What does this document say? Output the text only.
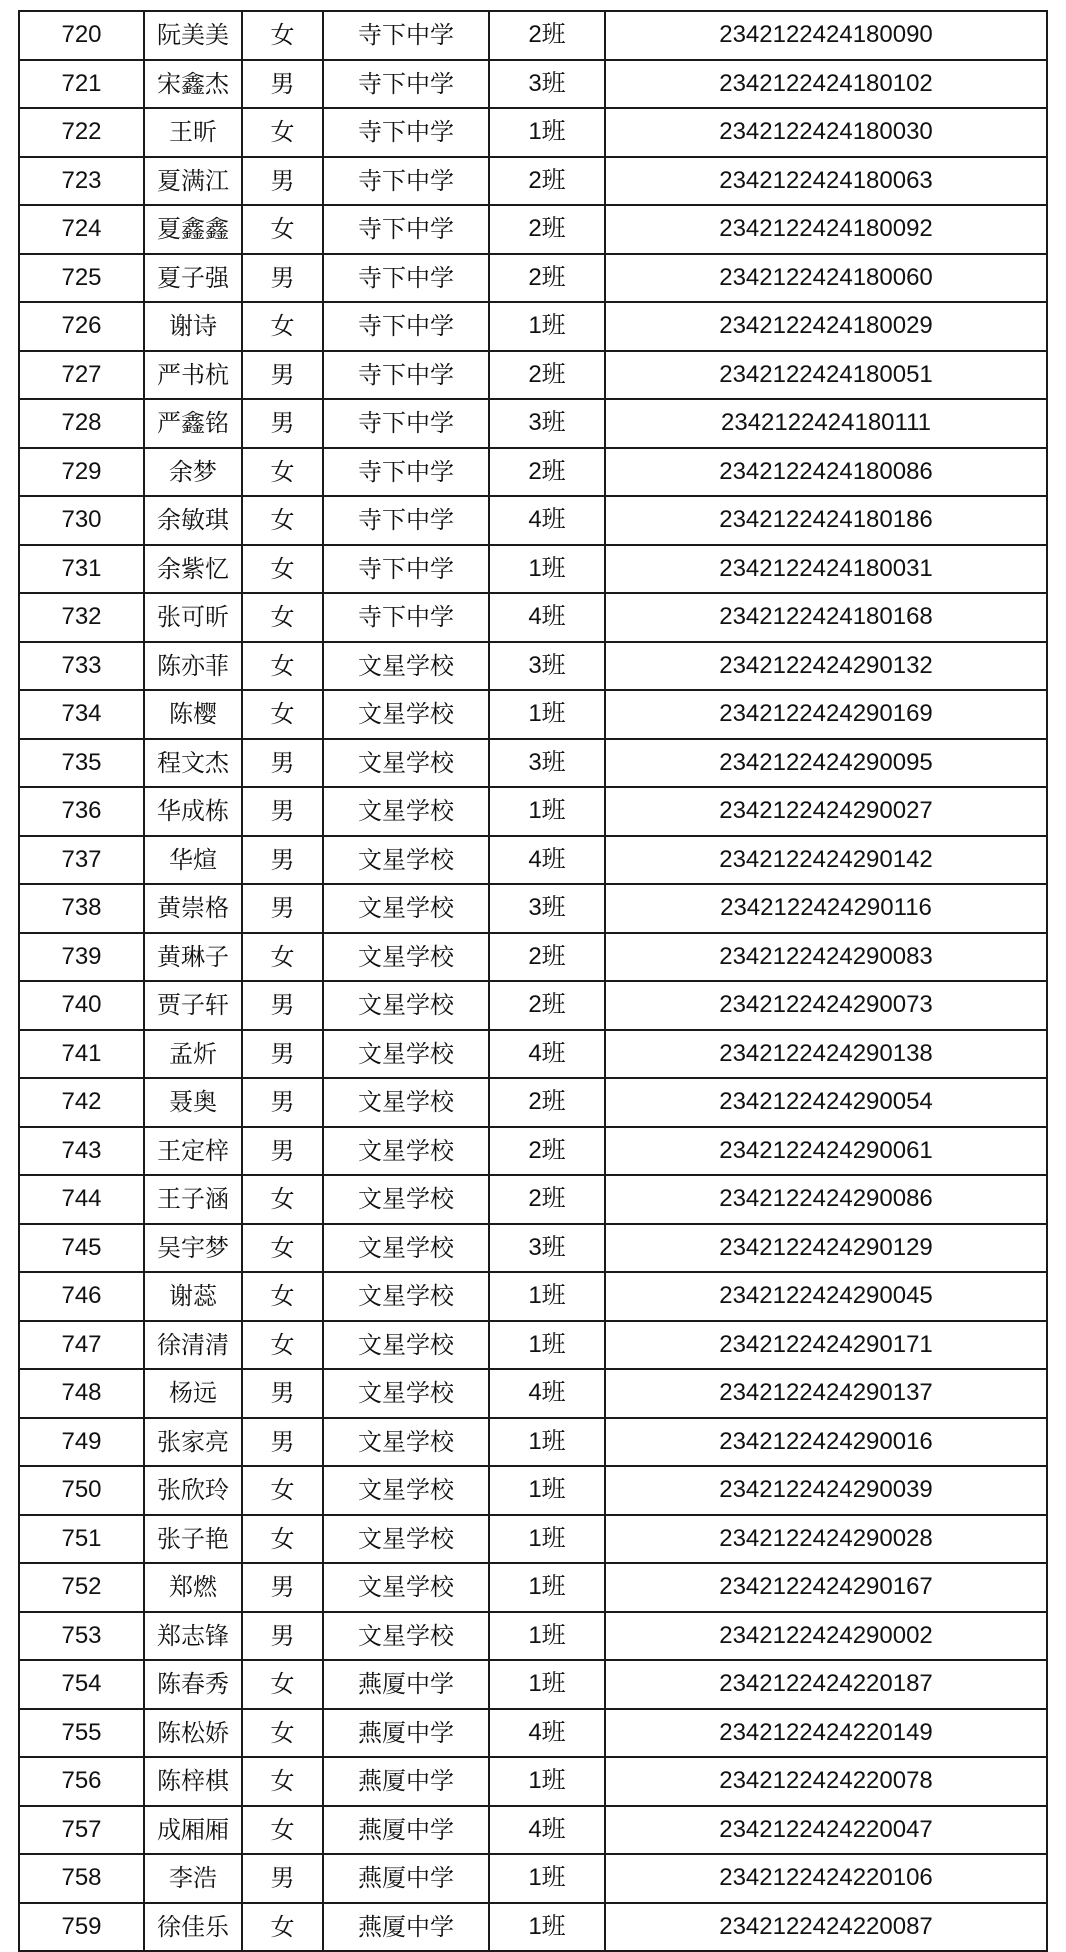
720	阮美美	女	寺下中学	2班	2342122424180090
721	宋鑫杰	男	寺下中学	3班	2342122424180102
722	王昕	女	寺下中学	1班	2342122424180030
723	夏满江	男	寺下中学	2班	2342122424180063
724	夏鑫鑫	女	寺下中学	2班	2342122424180092
725	夏子强	男	寺下中学	2班	2342122424180060
726	谢诗	女	寺下中学	1班	2342122424180029
727	严书杭	男	寺下中学	2班	2342122424180051
728	严鑫铭	男	寺下中学	3班	2342122424180111
729	余梦	女	寺下中学	2班	2342122424180086
730	余敏琪	女	寺下中学	4班	2342122424180186
731	余紫忆	女	寺下中学	1班	2342122424180031
732	张可昕	女	寺下中学	4班	2342122424180168
733	陈亦菲	女	文星学校	3班	2342122424290132
734	陈樱	女	文星学校	1班	2342122424290169
735	程文杰	男	文星学校	3班	2342122424290095
736	华成栋	男	文星学校	1班	2342122424290027
737	华煊	男	文星学校	4班	2342122424290142
738	黄崇格	男	文星学校	3班	2342122424290116
739	黄琳子	女	文星学校	2班	2342122424290083
740	贾子轩	男	文星学校	2班	2342122424290073
741	孟炘	男	文星学校	4班	2342122424290138
742	聂奥	男	文星学校	2班	2342122424290054
743	王定梓	男	文星学校	2班	2342122424290061
744	王子涵	女	文星学校	2班	2342122424290086
745	吴宇梦	女	文星学校	3班	2342122424290129
746	谢蕊	女	文星学校	1班	2342122424290045
747	徐清清	女	文星学校	1班	2342122424290171
748	杨远	男	文星学校	4班	2342122424290137
749	张家亮	男	文星学校	1班	2342122424290016
750	张欣玲	女	文星学校	1班	2342122424290039
751	张子艳	女	文星学校	1班	2342122424290028
752	郑燃	男	文星学校	1班	2342122424290167
753	郑志锋	男	文星学校	1班	2342122424290002
754	陈春秀	女	燕厦中学	1班	2342122424220187
755	陈松娇	女	燕厦中学	4班	2342122424220149
756	陈梓棋	女	燕厦中学	1班	2342122424220078
757	成厢厢	女	燕厦中学	4班	2342122424220047
758	李浩	男	燕厦中学	1班	2342122424220106
759	徐佳乐	女	燕厦中学	1班	2342122424220087
